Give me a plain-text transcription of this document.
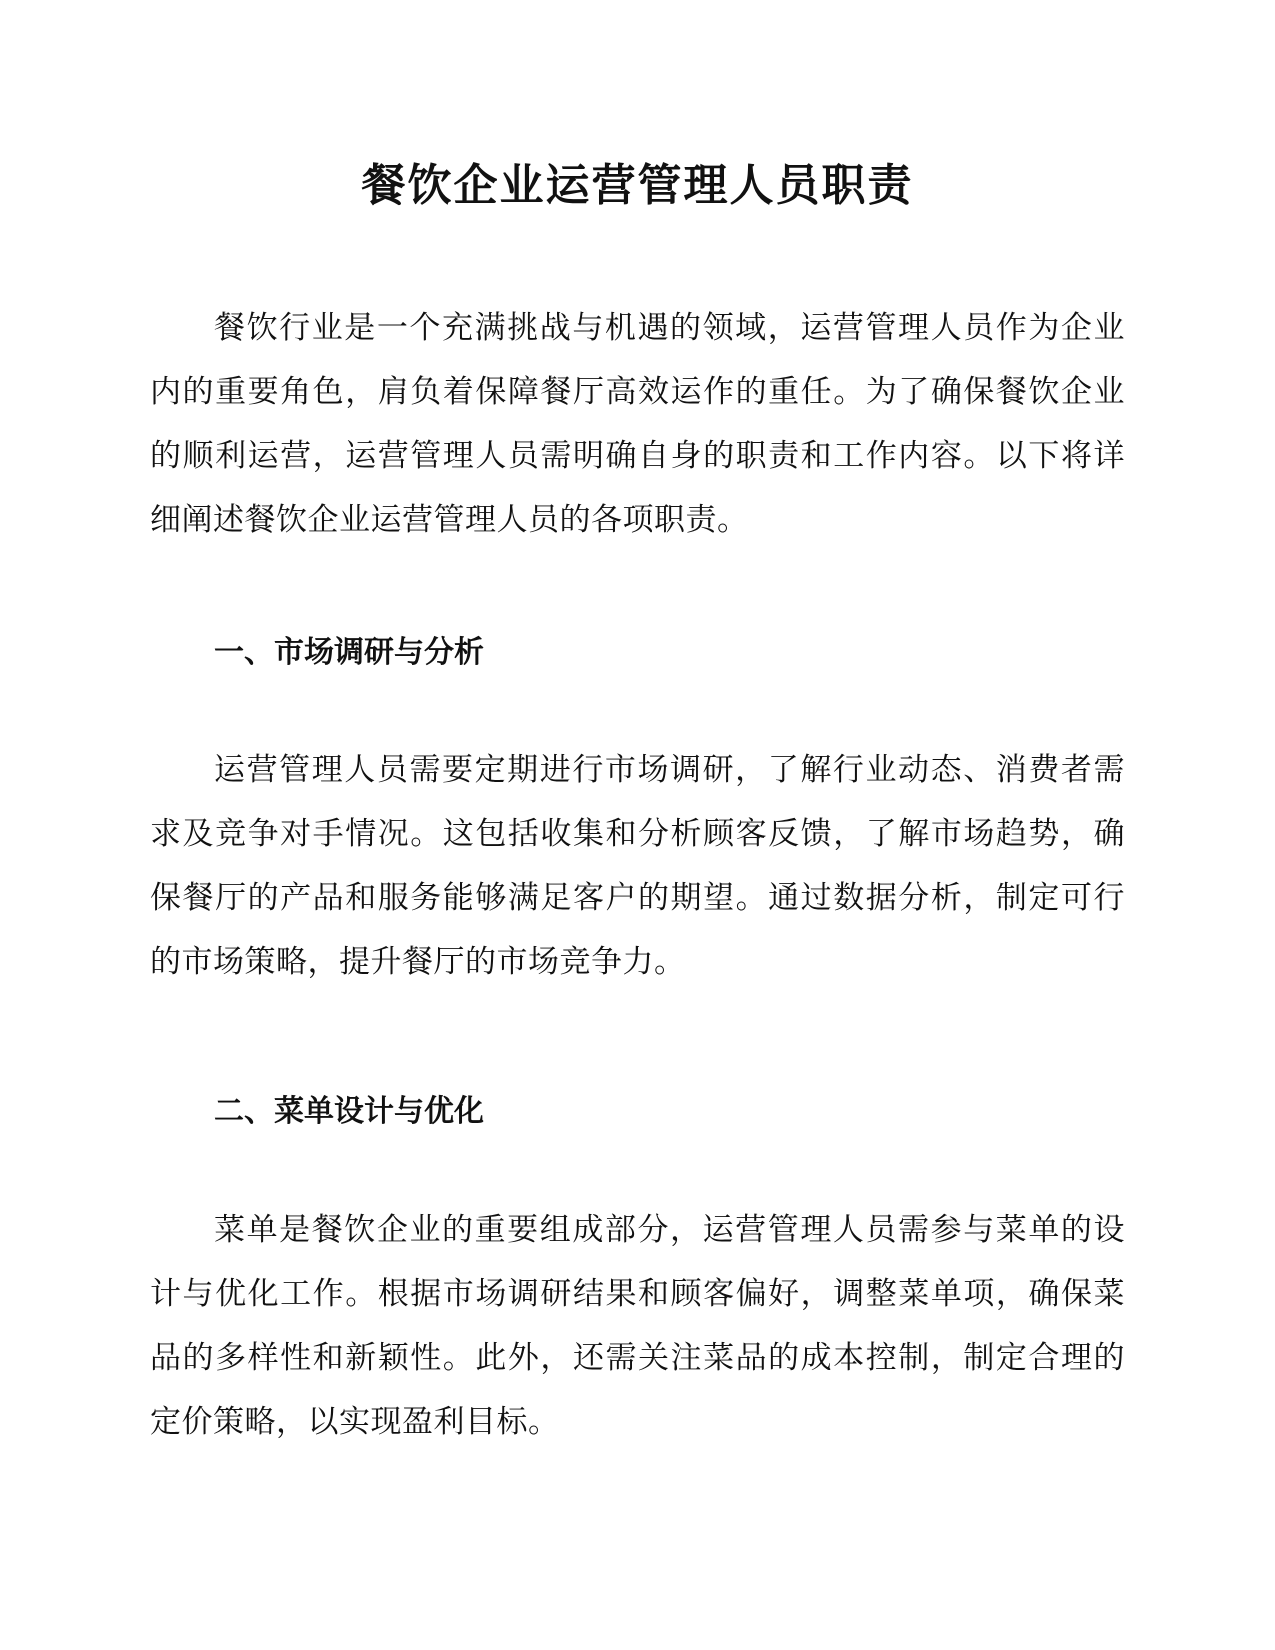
餐饮企业运营管理人员职责

餐饮行业是一个充满挑战与机遇的领域，运营管理人员作为企业内的重要角色，肩负着保障餐厅高效运作的重任。为了确保餐饮企业的顺利运营，运营管理人员需明确自身的职责和工作内容。以下将详细阐述餐饮企业运营管理人员的各项职责。

一、市场调研与分析

运营管理人员需要定期进行市场调研，了解行业动态、消费者需求及竞争对手情况。这包括收集和分析顾客反馈，了解市场趋势，确保餐厅的产品和服务能够满足客户的期望。通过数据分析，制定可行的市场策略，提升餐厅的市场竞争力。

二、菜单设计与优化

菜单是餐饮企业的重要组成部分，运营管理人员需参与菜单的设计与优化工作。根据市场调研结果和顾客偏好，调整菜单项，确保菜品的多样性和新颖性。此外，还需关注菜品的成本控制，制定合理的定价策略，以实现盈利目标。
